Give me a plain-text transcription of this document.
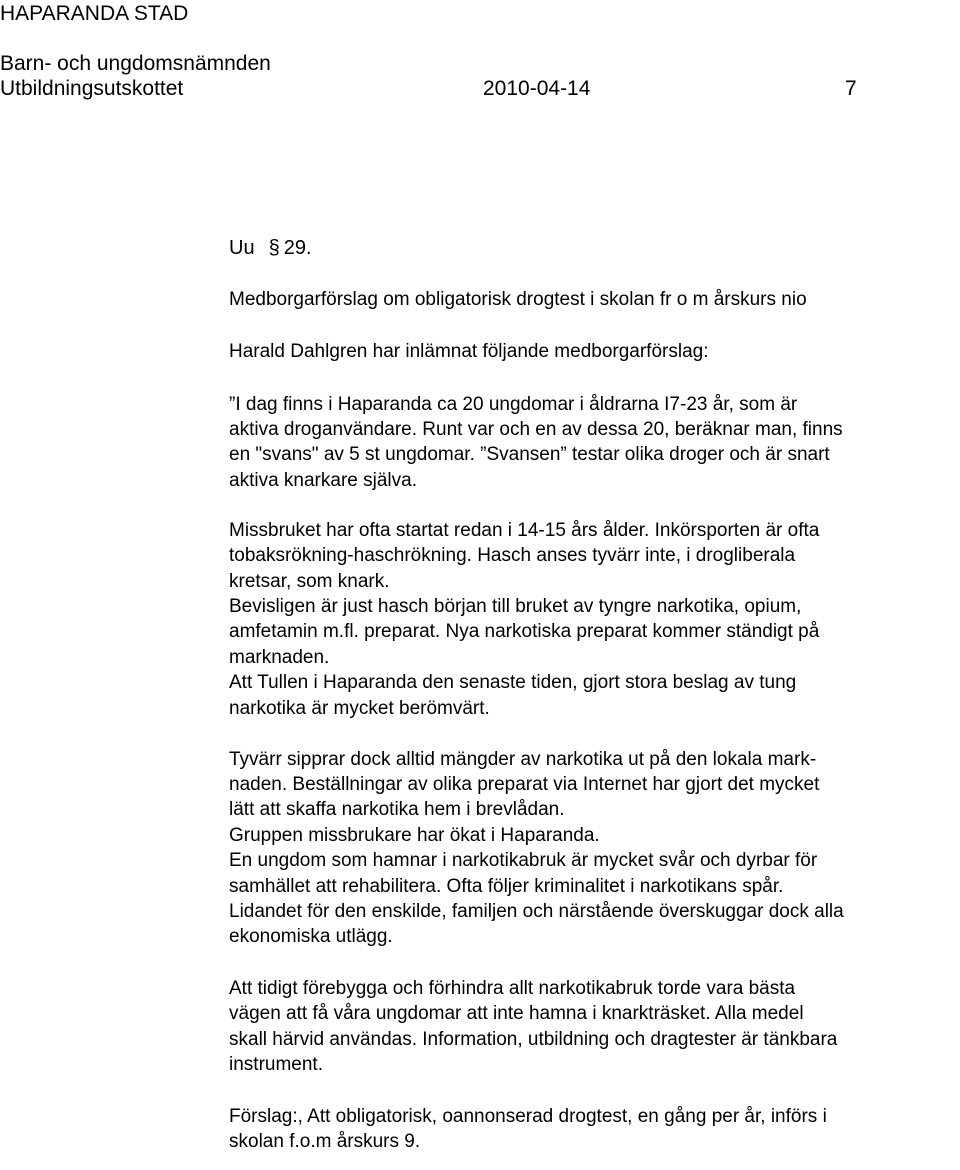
HAPARANDA STAD
Barn- och ungdomsnämnden
Utbildningsutskottet	2010-04-14	7
Uu § 29.
Medborgarförslag om obligatorisk drogtest i skolan fr o m årskurs nio
Harald Dahlgren har inlämnat följande medborgarförslag:
”I dag finns i Haparanda ca 20 ungdomar i åldrarna I7-23 år, som är
aktiva droganvändare. Runt var och en av dessa 20, beräknar man, finns
en "svans" av 5 st ungdomar. ”Svansen” testar olika droger och är snart
aktiva knarkare själva.
Missbruket har ofta startat redan i 14-15 års ålder. Inkörsporten är ofta
tobaksrökning-haschrökning. Hasch anses tyvärr inte, i drogliberala
kretsar, som knark.
Bevisligen är just hasch början till bruket av tyngre narkotika, opium,
amfetamin m.fl. preparat. Nya narkotiska preparat kommer ständigt på
marknaden.
Att Tullen i Haparanda den senaste tiden, gjort stora beslag av tung
narkotika är mycket berömvärt.
Tyvärr sipprar dock alltid mängder av narkotika ut på den lokala mark-
naden. Beställningar av olika preparat via Internet har gjort det mycket
lätt att skaffa narkotika hem i brevlådan.
Gruppen missbrukare har ökat i Haparanda.
En ungdom som hamnar i narkotikabruk är mycket svår och dyrbar för
samhället att rehabilitera. Ofta följer kriminalitet i narkotikans spår.
Lidandet för den enskilde, familjen och närstående överskuggar dock alla
ekonomiska utlägg.
Att tidigt förebygga och förhindra allt narkotikabruk torde vara bästa
vägen att få våra ungdomar att inte hamna i knarkträsket. Alla medel
skall härvid användas. Information, utbildning och dragtester är tänkbara
instrument.
Förslag:, Att obligatorisk, oannonserad drogtest, en gång per år, införs i
skolan f.o.m årskurs 9.
